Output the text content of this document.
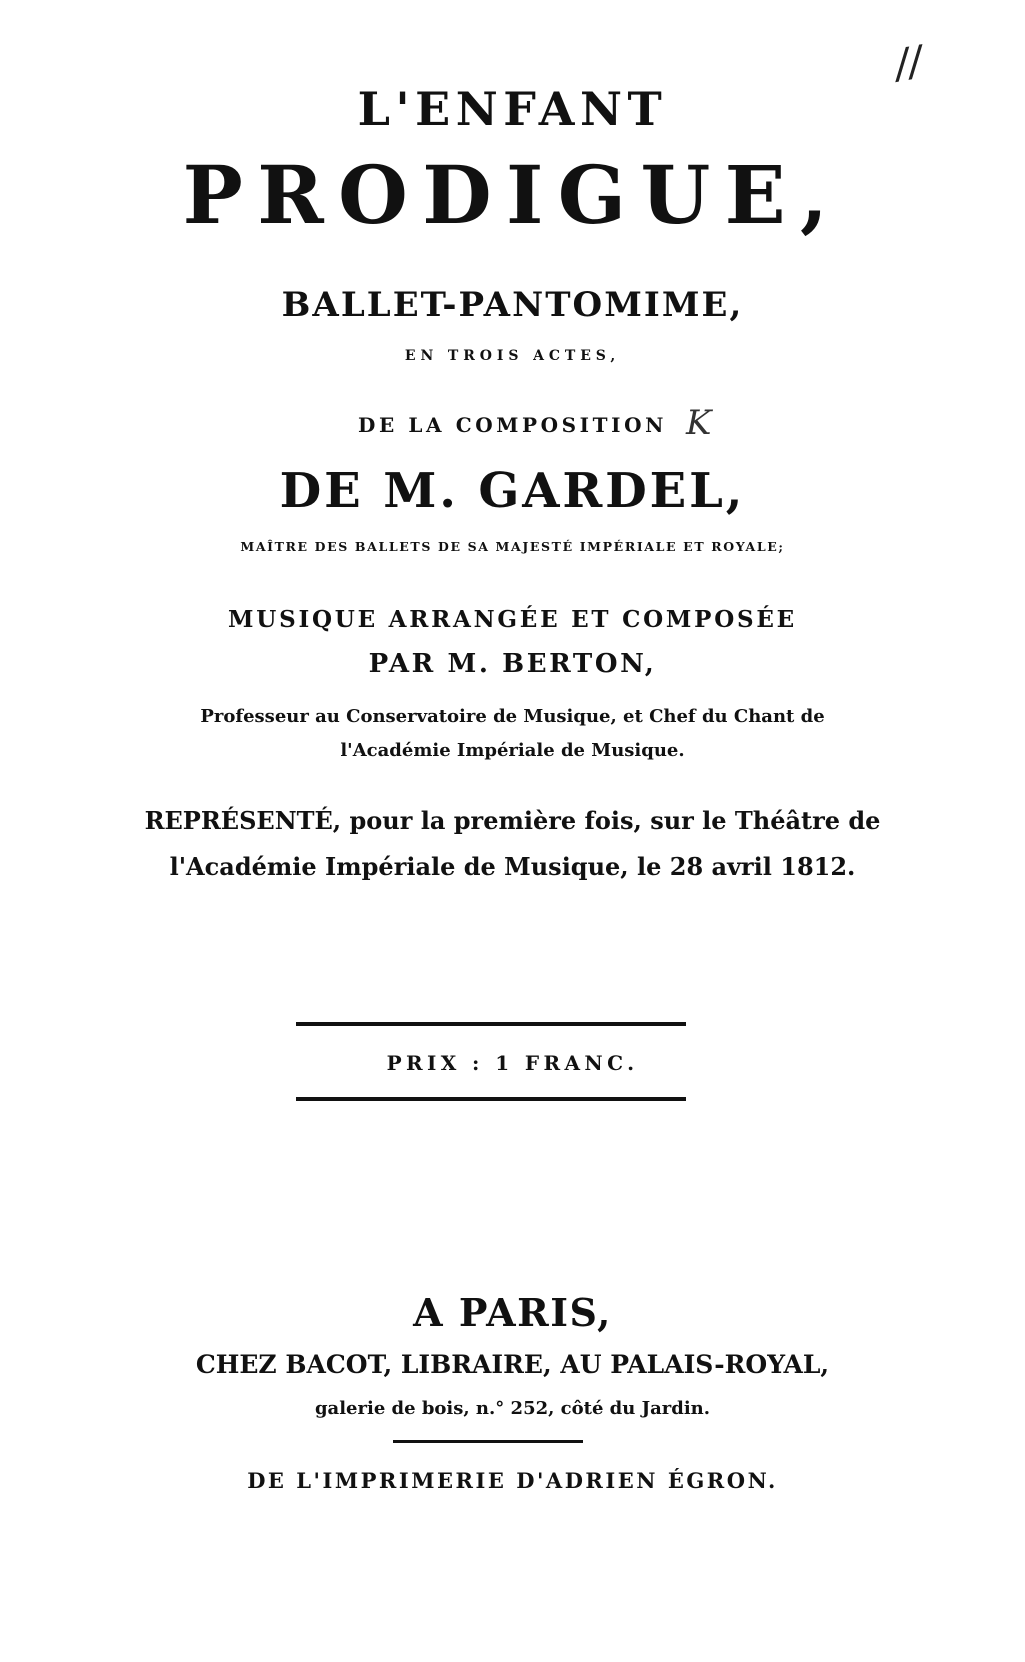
//
L'ENFANT
PRODIGUE,
BALLET-PANTOMIME,
EN TROIS ACTES,
DE LA COMPOSITION K
DE M. GARDEL,
MAÎTRE DES BALLETS DE SA MAJESTÉ IMPÉRIALE ET ROYALE;
MUSIQUE ARRANGÉE ET COMPOSÉE
PAR M. BERTON,
Professeur au Conservatoire de Musique, et Chef du Chant de
l'Académie Impériale de Musique.
REPRÉSENTÉ, pour la première fois, sur le Théâtre de
l'Académie Impériale de Musique, le 28 avril 1812.
PRIX : 1 FRANC.
A PARIS,
CHEZ BACOT, LIBRAIRE, AU PALAIS-ROYAL,
galerie de bois, n.° 252, côté du Jardin.
DE L'IMPRIMERIE D'ADRIEN ÉGRON.
